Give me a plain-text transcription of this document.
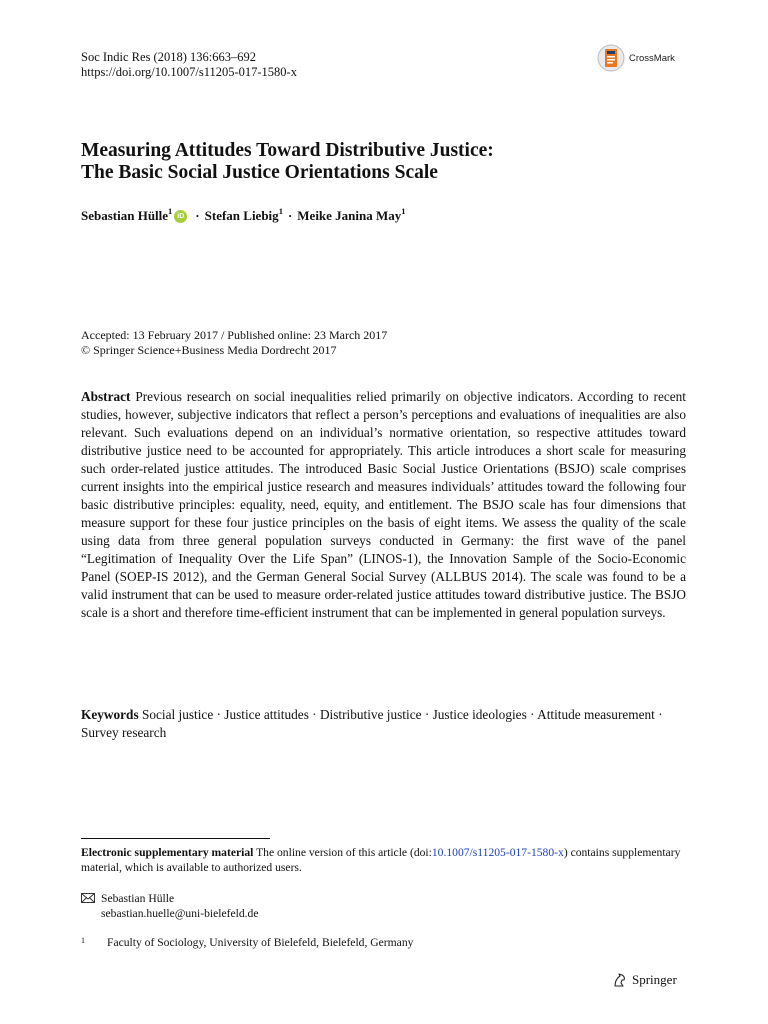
Soc Indic Res (2018) 136:663–692
https://doi.org/10.1007/s11205-017-1580-x
CrossMark
Measuring Attitudes Toward Distributive Justice:
The Basic Social Justice Orientations Scale
Sebastian Hülle$^1$ iD · Stefan Liebig$^1$ · Meike Janina May$^1$
Accepted: 13 February 2017 / Published online: 23 March 2017
© Springer Science+Business Media Dordrecht 2017

Abstract Previous research on social inequalities relied primarily on objective indicators. According to recent studies, however, subjective indicators that reflect a person’s perceptions and evaluations of inequalities are also relevant. Such evaluations depend on an individual’s normative orientation, so respective attitudes toward distributive justice need to be accounted for appropriately. This article introduces a short scale for measuring such order-related justice attitudes. The introduced Basic Social Justice Orientations (BSJO) scale comprises current insights into the empirical justice research and measures individuals’ attitudes toward the following four basic distributive principles: equality, need, equity, and entitlement. The BSJO scale has four dimensions that measure support for these four justice principles on the basis of eight items. We assess the quality of the scale using data from three general population surveys conducted in Germany: the first wave of the panel “Legitimation of Inequality Over the Life Span” (LINOS-1), the Innovation Sample of the Socio-Economic Panel (SOEP-IS 2012), and the German General Social Survey (ALLBUS 2014). The scale was found to be a valid instrument that can be used to measure order-related justice attitudes toward distributive justice. The BSJO scale is a short and therefore time-efficient instrument that can be implemented in general population surveys.

Keywords Social justice · Justice attitudes · Distributive justice · Justice ideologies · Attitude measurement · Survey research

Electronic supplementary material The online version of this article (doi:10.1007/s11205-017-1580-x) contains supplementary material, which is available to authorized users.

Sebastian Hülle
sebastian.huelle@uni-bielefeld.de
1	Faculty of Sociology, University of Bielefeld, Bielefeld, Germany
Springer
